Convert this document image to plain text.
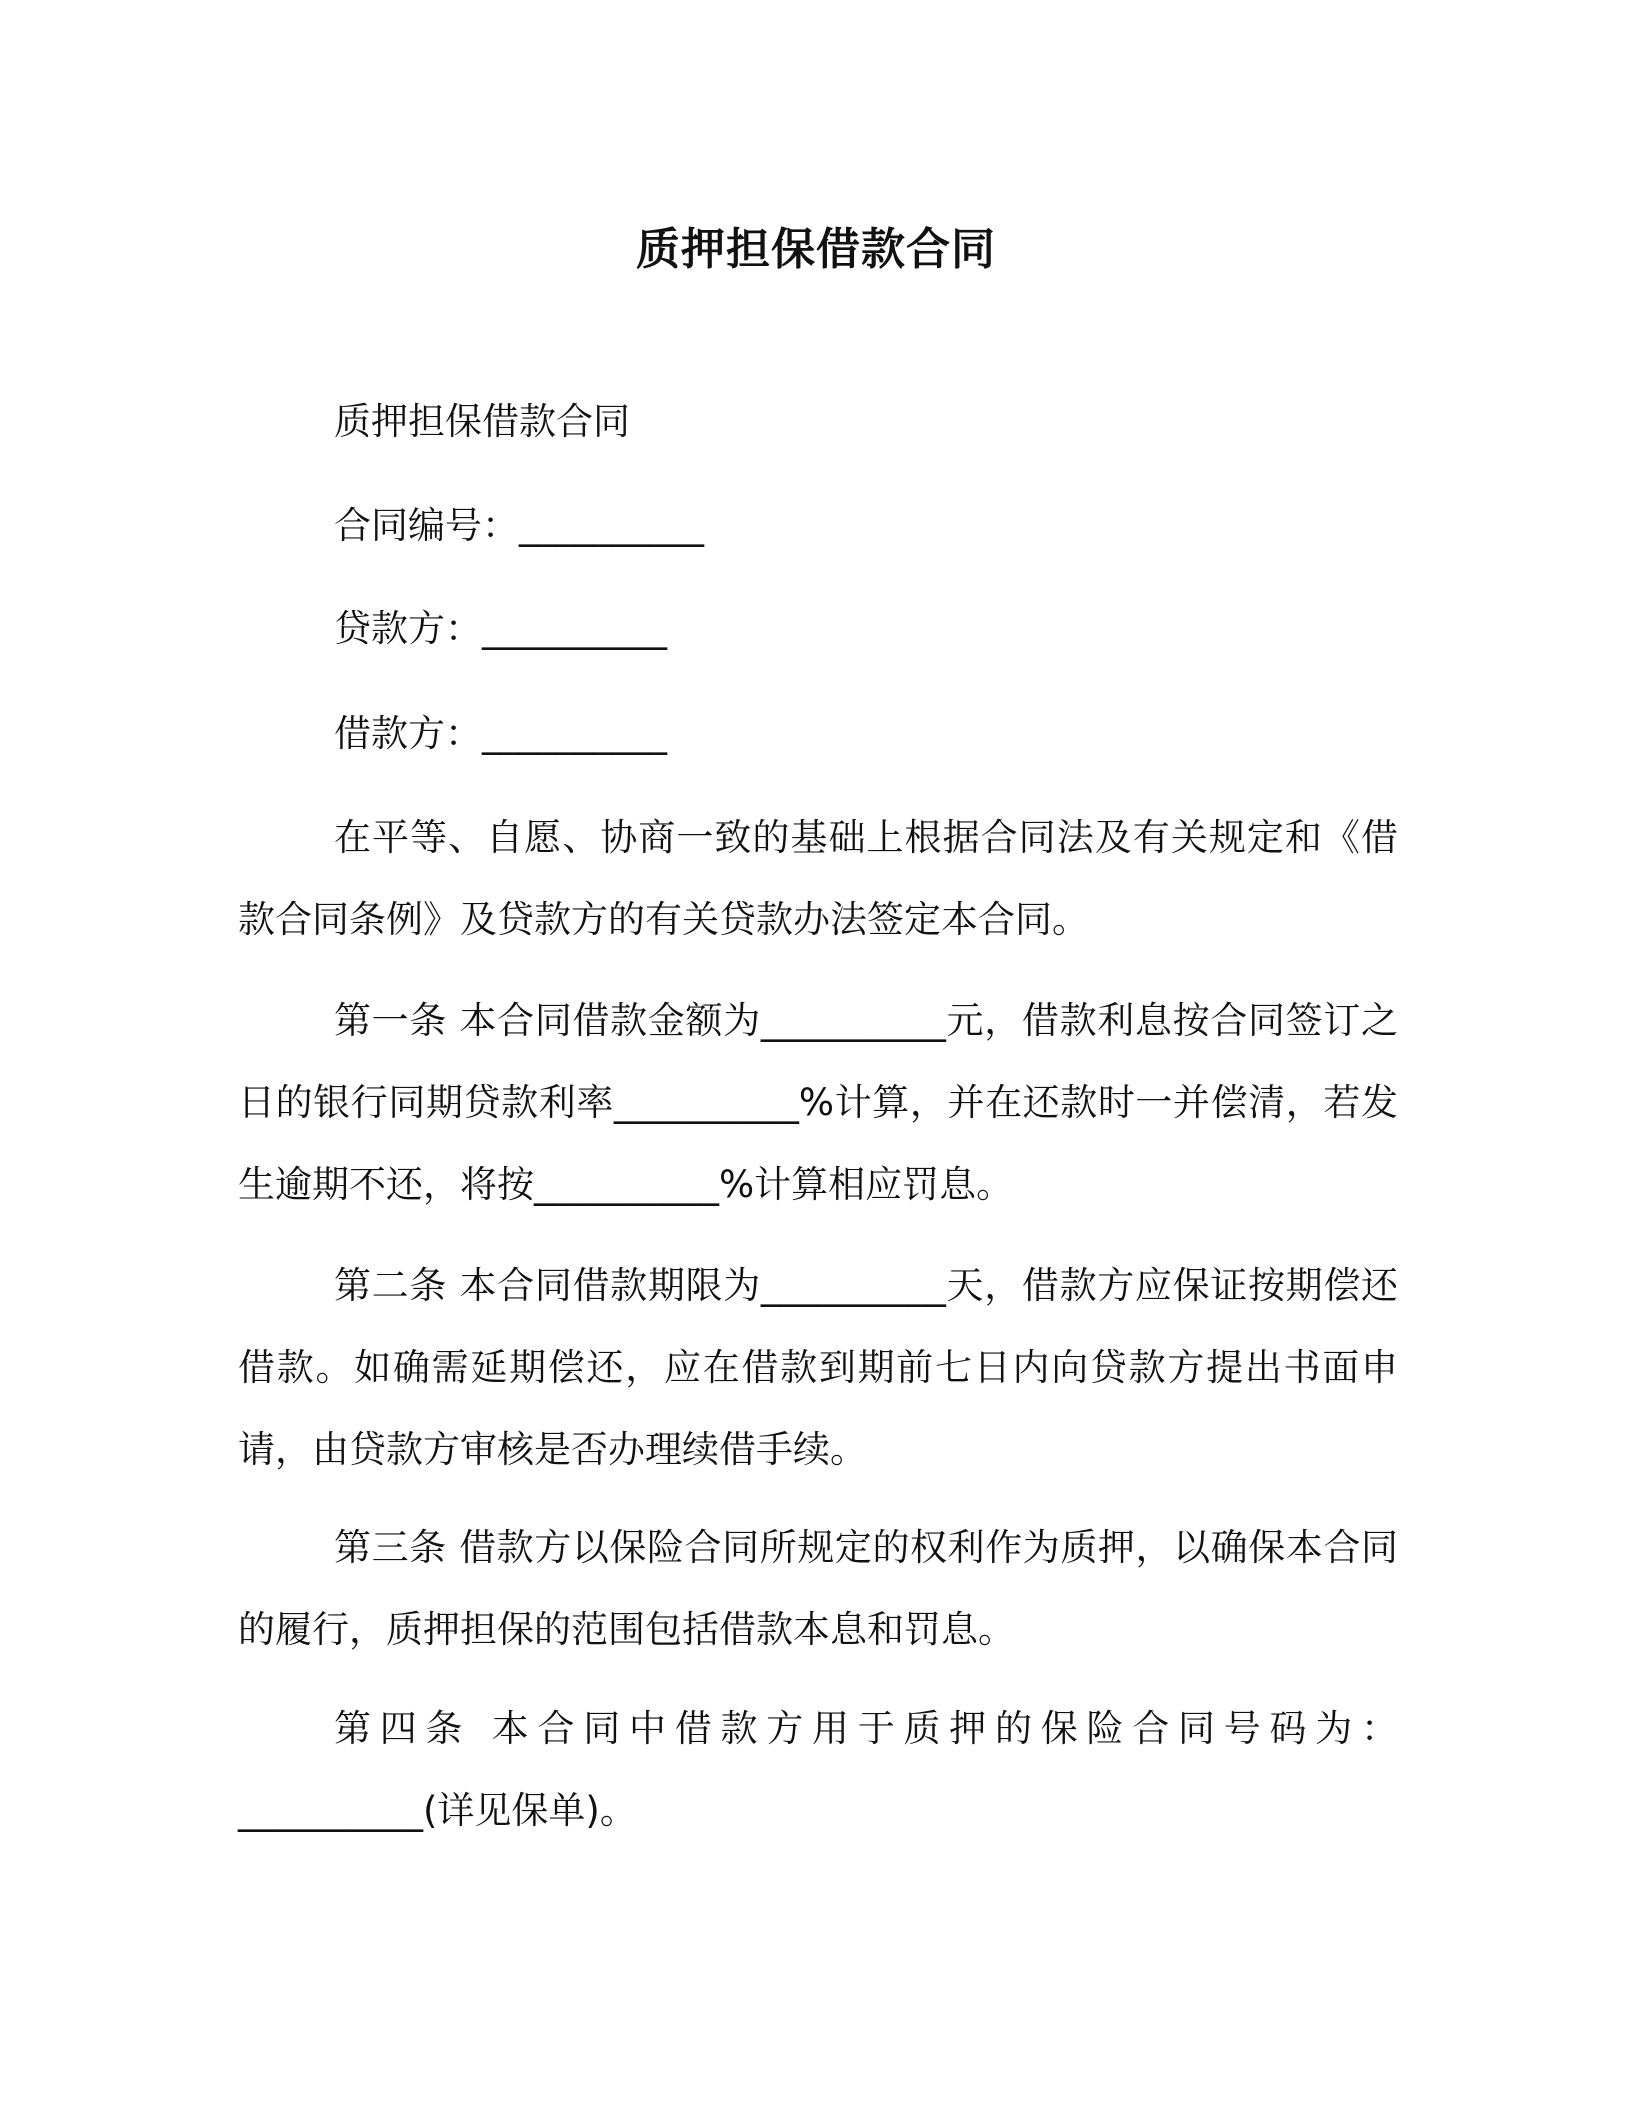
质押担保借款合同
质押担保借款合同
合同编号：__________
贷款方：__________
借款方：__________

在平等、自愿、协商一致的基础上根据合同法及有关规定和《借款合同条例》及贷款方的有关贷款办法签定本合同。

第一条 本合同借款金额为__________元，借款利息按合同签订之日的银行同期贷款利率__________%计算，并在还款时一并偿清，若发生逾期不还，将按__________%计算相应罚息。

第二条 本合同借款期限为__________天，借款方应保证按期偿还借款。如确需延期偿还，应在借款到期前七日内向贷款方提出书面申请，由贷款方审核是否办理续借手续。

第三条 借款方以保险合同所规定的权利作为质押，以确保本合同的履行，质押担保的范围包括借款本息和罚息。

第四条 本合同中借款方用于质押的保险合同号码为：__________(详见保单)。
